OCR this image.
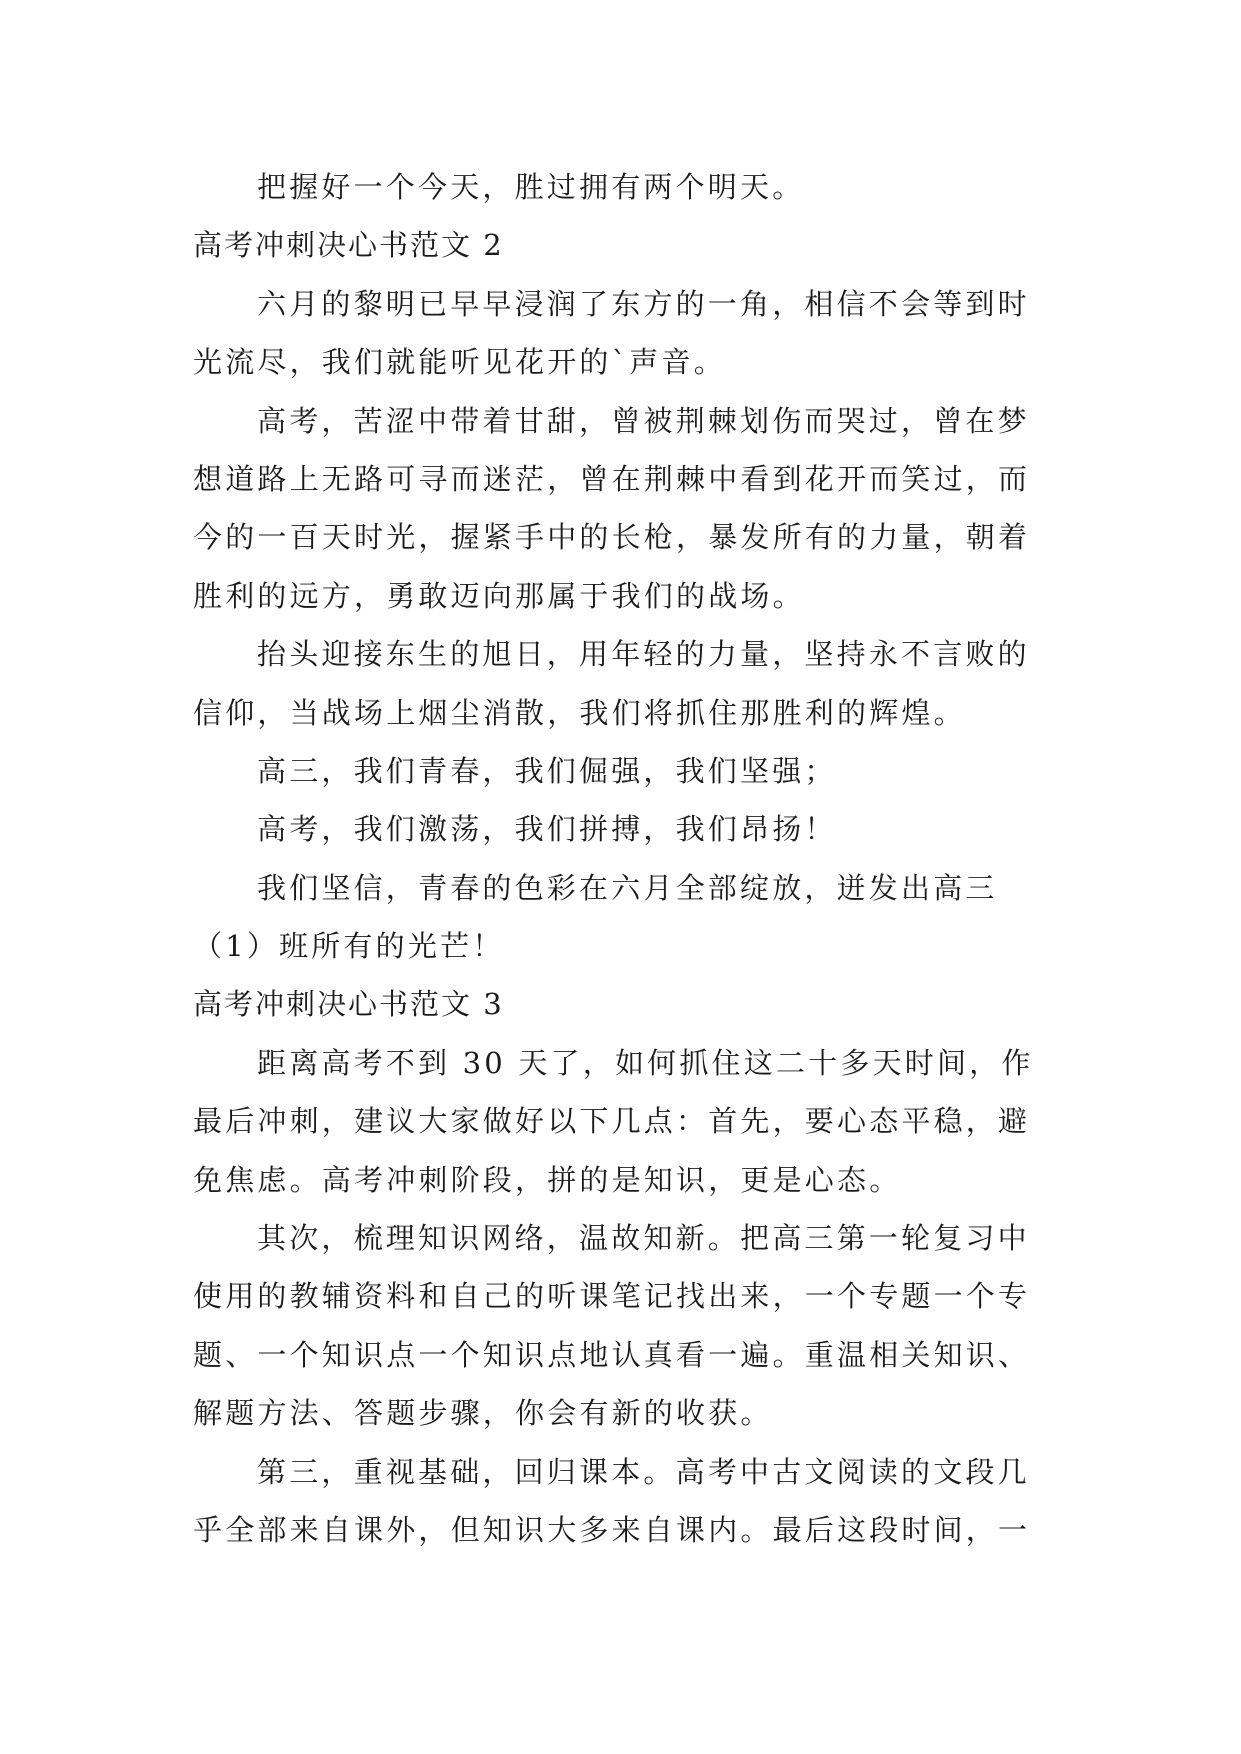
把握好一个今天，胜过拥有两个明天。
高考冲刺决心书范文 2
六月的黎明已早早浸润了东方的一角，相信不会等到时
光流尽，我们就能听见花开的`声音。
高考，苦涩中带着甘甜，曾被荆棘划伤而哭过，曾在梦
想道路上无路可寻而迷茫，曾在荆棘中看到花开而笑过，而
今的一百天时光，握紧手中的长枪，暴发所有的力量，朝着
胜利的远方，勇敢迈向那属于我们的战场。
抬头迎接东生的旭日，用年轻的力量，坚持永不言败的
信仰，当战场上烟尘消散，我们将抓住那胜利的辉煌。
高三，我们青春，我们倔强，我们坚强；
高考，我们激荡，我们拼搏，我们昂扬！
我们坚信，青春的色彩在六月全部绽放，迸发出高三
（1）班所有的光芒！
高考冲刺决心书范文 3
距离高考不到 30 天了，如何抓住这二十多天时间，作
最后冲刺，建议大家做好以下几点：首先，要心态平稳，避
免焦虑。高考冲刺阶段，拼的是知识，更是心态。
其次，梳理知识网络，温故知新。把高三第一轮复习中
使用的教辅资料和自己的听课笔记找出来，一个专题一个专
题、一个知识点一个知识点地认真看一遍。重温相关知识、
解题方法、答题步骤，你会有新的收获。
第三，重视基础，回归课本。高考中古文阅读的文段几
乎全部来自课外，但知识大多来自课内。最后这段时间，一
